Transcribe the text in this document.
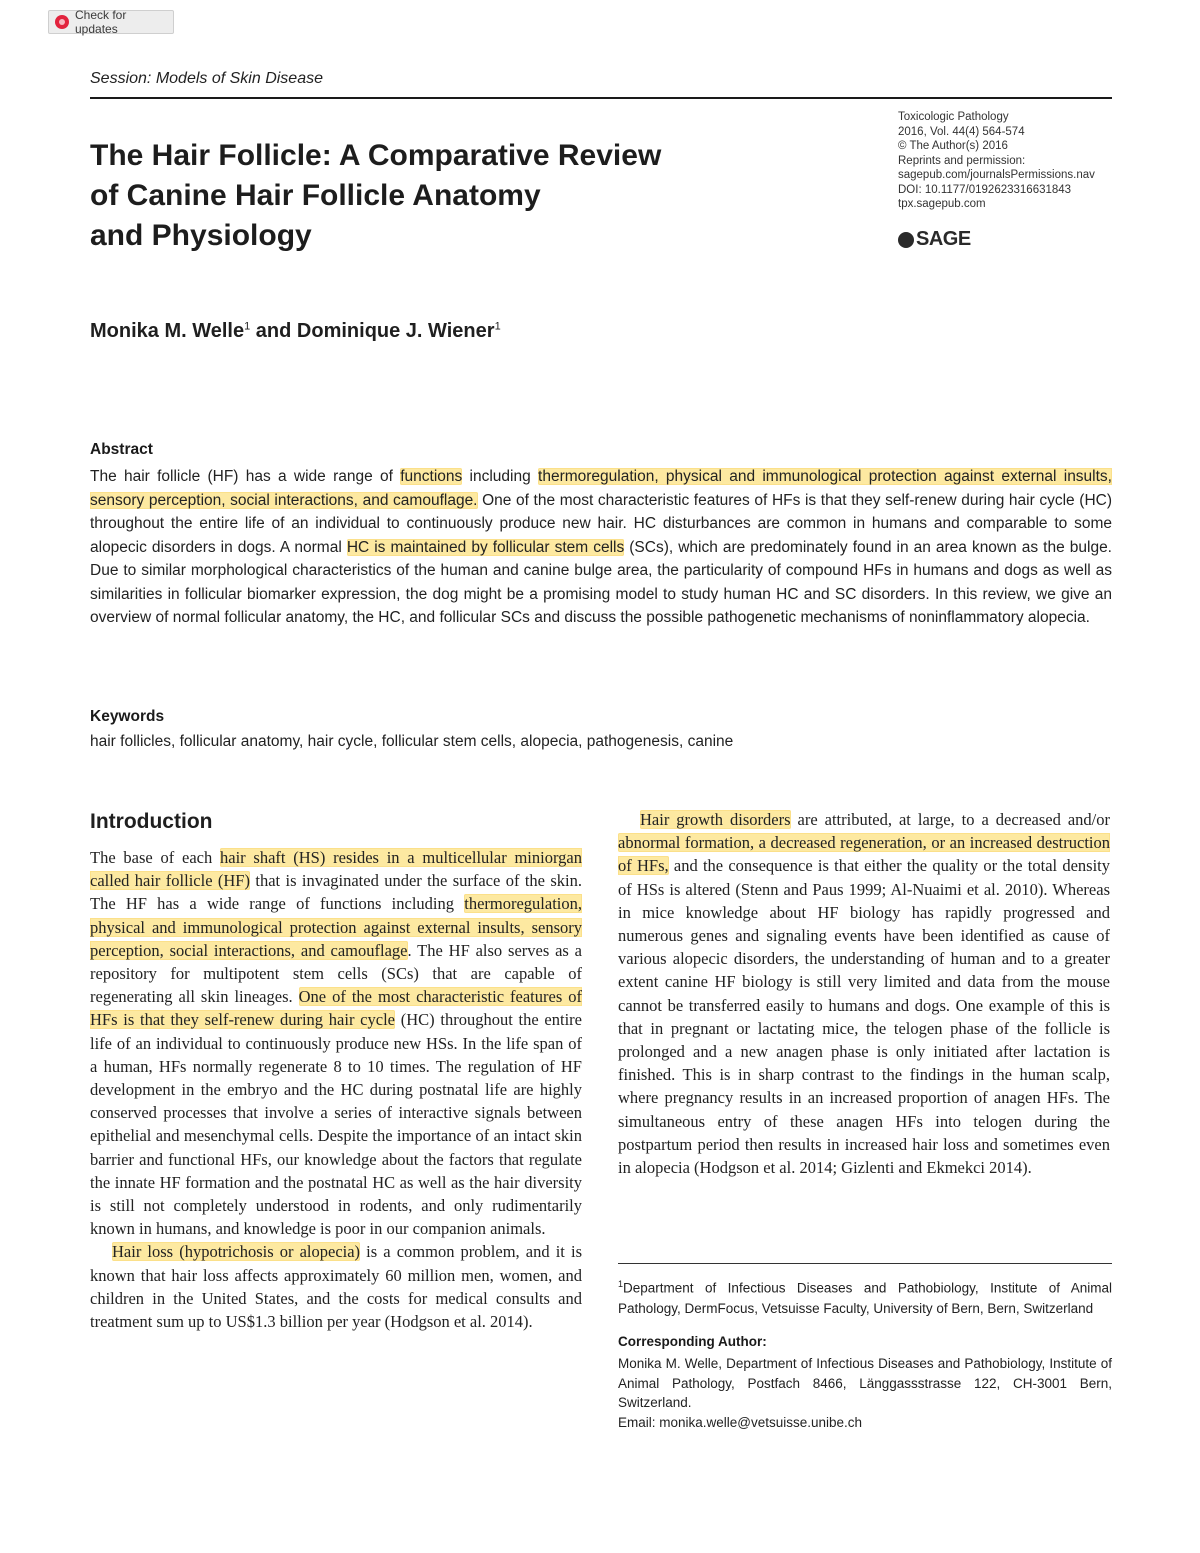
Check for updates
Session: Models of Skin Disease
The Hair Follicle: A Comparative Review
of Canine Hair Follicle Anatomy
and Physiology
Toxicologic Pathology
2016, Vol. 44(4) 564-574
© The Author(s) 2016
Reprints and permission:
sagepub.com/journalsPermissions.nav
DOI: 10.1177/0192623316631843
tpx.sagepub.com
SAGE
Monika M. Welle$^1$ and Dominique J. Wiener$^1$
Abstract

The hair follicle (HF) has a wide range of functions including thermoregulation, physical and immunological protection against external insults, sensory perception, social interactions, and camouflage. One of the most characteristic features of HFs is that they self-renew during hair cycle (HC) throughout the entire life of an individual to continuously produce new hair. HC disturbances are common in humans and comparable to some alopecic disorders in dogs. A normal HC is maintained by follicular stem cells (SCs), which are predominately found in an area known as the bulge. Due to similar morphological characteristics of the human and canine bulge area, the particularity of compound HFs in humans and dogs as well as similarities in follicular biomarker expression, the dog might be a promising model to study human HC and SC disorders. In this review, we give an overview of normal follicular anatomy, the HC, and follicular SCs and discuss the possible pathogenetic mechanisms of noninflammatory alopecia.

Keywords
hair follicles, follicular anatomy, hair cycle, follicular stem cells, alopecia, pathogenesis, canine
Introduction

The base of each hair shaft (HS) resides in a multicellular miniorgan called hair follicle (HF) that is invaginated under the surface of the skin. The HF has a wide range of functions including thermoregulation, physical and immunological protection against external insults, sensory perception, social interactions, and camouflage. The HF also serves as a repository for multipotent stem cells (SCs) that are capable of regenerating all skin lineages. One of the most characteristic features of HFs is that they self-renew during hair cycle (HC) throughout the entire life of an individual to continuously produce new HSs. In the life span of a human, HFs normally regenerate 8 to 10 times. The regulation of HF development in the embryo and the HC during postnatal life are highly conserved processes that involve a series of interactive signals between epithelial and mesenchymal cells. Despite the importance of an intact skin barrier and functional HFs, our knowledge about the factors that regulate the innate HF formation and the postnatal HC as well as the hair diversity is still not completely understood in rodents, and only rudimentarily known in humans, and knowledge is poor in our companion animals.

Hair loss (hypotrichosis or alopecia) is a common problem, and it is known that hair loss affects approximately 60 million men, women, and children in the United States, and the costs for medical consults and treatment sum up to US$1.3 billion per year (Hodgson et al. 2014).

Hair growth disorders are attributed, at large, to a decreased and/or abnormal formation, a decreased regeneration, or an increased destruction of HFs, and the consequence is that either the quality or the total density of HSs is altered (Stenn and Paus 1999; Al-Nuaimi et al. 2010). Whereas in mice knowledge about HF biology has rapidly progressed and numerous genes and signaling events have been identified as cause of various alopecic disorders, the understanding of human and to a greater extent canine HF biology is still very limited and data from the mouse cannot be transferred easily to humans and dogs. One example of this is that in pregnant or lactating mice, the telogen phase of the follicle is prolonged and a new anagen phase is only initiated after lactation is finished. This is in sharp contrast to the findings in the human scalp, where pregnancy results in an increased proportion of anagen HFs. The simultaneous entry of these anagen HFs into telogen during the postpartum period then results in increased hair loss and sometimes even in alopecia (Hodgson et al. 2014; Gizlenti and Ekmekci 2014).

$^1$Department of Infectious Diseases and Pathobiology, Institute of Animal Pathology, DermFocus, Vetsuisse Faculty, University of Bern, Bern, Switzerland

Corresponding Author:

Monika M. Welle, Department of Infectious Diseases and Pathobiology, Institute of Animal Pathology, Postfach 8466, Länggassstrasse 122, CH-3001 Bern, Switzerland.
Email: monika.welle@vetsuisse.unibe.ch
